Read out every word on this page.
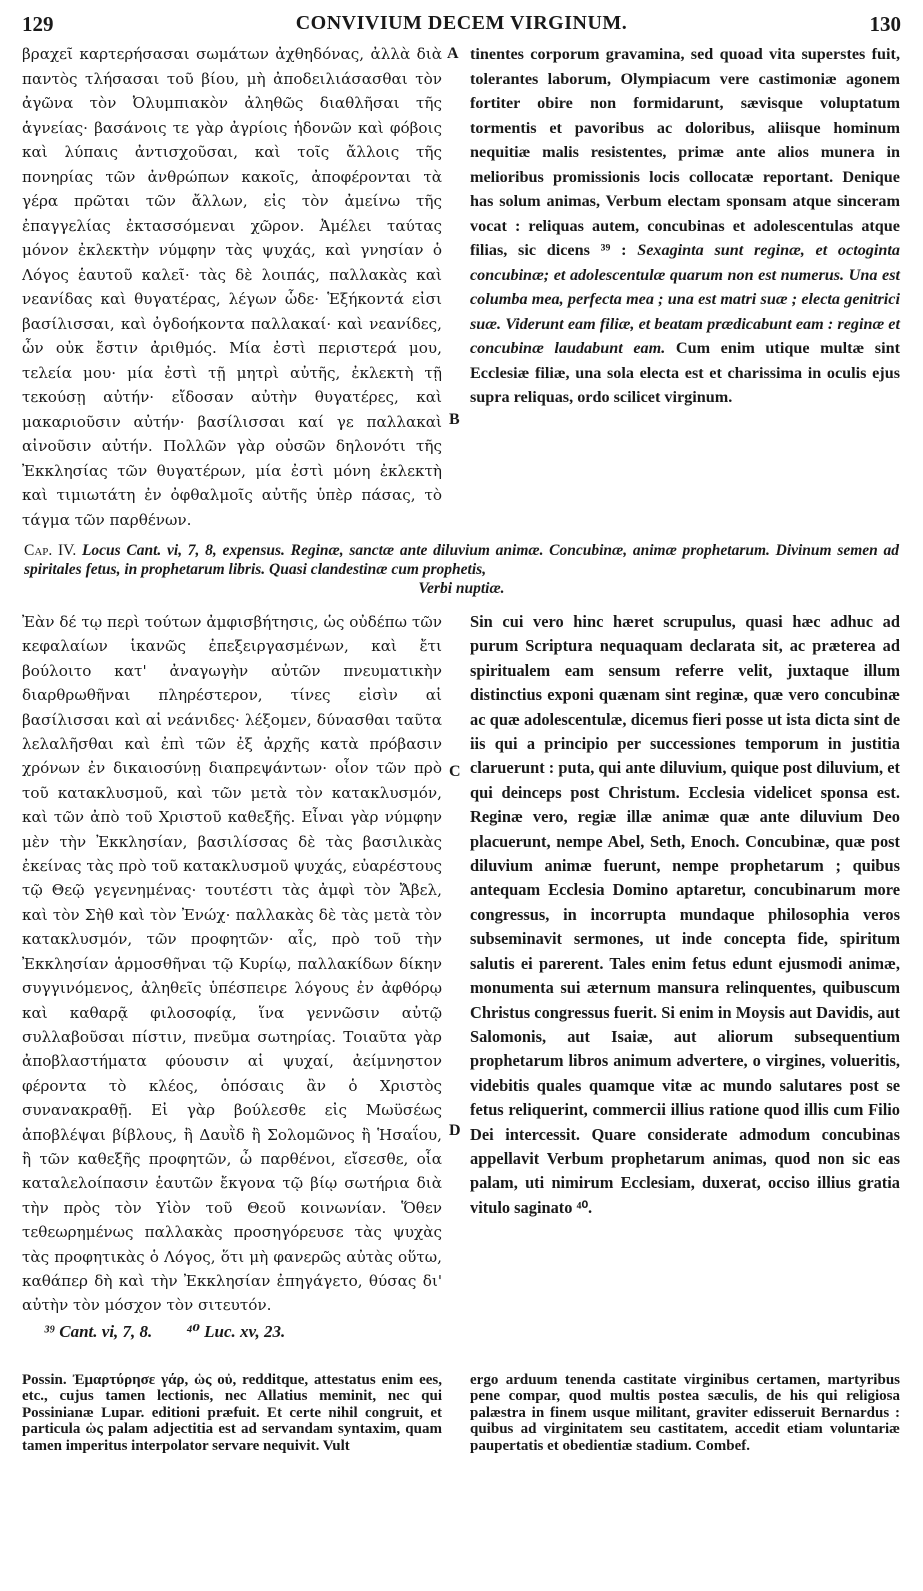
129	CONVIVIUM DECEM VIRGINUM.	130

βραχεῖ καρτερήσασαι σωμάτων ἀχθηδόνας, ἀλλὰ διὰ παντὸς τλήσασαι τοῦ βίου, μὴ ἀποδειλιάσασθαι τὸν ἀγῶνα τὸν Ὀλυμπιακὸν ἀληθῶς διαθλῆσαι τῆς ἁγνείας· βασάνοις τε γὰρ ἀγρίοις ἡδονῶν καὶ φόβοις καὶ λύπαις ἀντισχοῦσαι, καὶ τοῖς ἄλλοις τῆς πονηρίας τῶν ἀνθρώπων κακοῖς, ἀποφέρονται τὰ γέρα πρῶται τῶν ἄλλων, εἰς τὸν ἀμείνω τῆς ἐπαγγελίας ἐκτασσόμεναι χῶρον. Ἀμέλει ταύτας μόνον ἐκλεκτὴν νύμφην τὰς ψυχάς, καὶ γνησίαν ὁ Λόγος ἑαυτοῦ καλεῖ· τὰς δὲ λοιπάς, παλλακὰς καὶ νεανίδας καὶ θυγατέρας, λέγων ὧδε· Ἑξήκοντά εἰσι βασίλισσαι, καὶ ὀγδοήκοντα παλλακαί· καὶ νεανίδες, ὧν οὐκ ἔστιν ἀριθμός. Μία ἐστὶ περιστερά μου, τελεία μου· μία ἐστὶ τῇ μητρὶ αὐτῆς, ἐκλεκτὴ τῇ τεκούσῃ αὐτήν· εἴδοσαν αὐτὴν θυγατέρες, καὶ μακαριοῦσιν αὐτήν· βασίλισσαι καί γε παλλακαὶ αἰνοῦσιν αὐτήν. Πολλῶν γὰρ οὐσῶν δηλονότι τῆς Ἐκκλησίας τῶν θυγατέρων, μία ἐστὶ μόνη ἐκλεκτὴ καὶ τιμιωτάτη ἐν ὀφθαλμοῖς αὐτῆς ὑπὲρ πάσας, τὸ τάγμα τῶν παρθένων.

tinentes corporum gravamina, sed quoad vita superstes fuit, tolerantes laborum, Olympiacum vere castimoniæ agonem fortiter obire non formidarunt, sævisque voluptatum tormentis et pavoribus ac doloribus, aliisque hominum nequitiæ malis resistentes, primæ ante alios munera in melioribus promissionis locis collocatæ reportant. Denique has solum animas, Verbum electam sponsam atque sinceram vocat : reliquas autem, concubinas et adolescentulas atque filias, sic dicens ³⁹ : Sexaginta sunt reginæ, et octoginta concubinæ; et adolescentulæ quarum non est numerus. Una est columba mea, perfecta mea ; una est matri suæ ; electa genitrici suæ. Viderunt eam filiæ, et beatam prædicabunt eam : reginæ et concubinæ laudabunt eam. Cum enim utique multæ sint Ecclesiæ filiæ, una sola electa est et charissima in oculis ejus supra reliquas, ordo scilicet virginum.

A
B
C
D
Cap. IV. Locus Cant. vi, 7, 8, expensus. Reginæ, sanctæ ante diluvium animæ. Concubinæ, animæ prophetarum. Divinum semen ad spiritales fetus, in prophetarum libris. Quasi clandestinæ cum prophetis,
Verbi nuptiæ.

Ἐὰν δέ τῳ περὶ τούτων ἀμφισβήτησις, ὡς οὐδέπω τῶν κεφαλαίων ἱκανῶς ἐπεξειργασμένων, καὶ ἔτι βούλοιτο κατ' ἀναγωγὴν αὐτῶν πνευματικὴν διαρθρωθῆναι πληρέστερον, τίνες εἰσὶν αἱ βασίλισσαι καὶ αἱ νεάνιδες· λέξομεν, δύνασθαι ταῦτα λελαλῆσθαι καὶ ἐπὶ τῶν ἐξ ἀρχῆς κατὰ πρόβασιν χρόνων ἐν δικαιοσύνῃ διαπρεψάντων· οἷον τῶν πρὸ τοῦ κατακλυσμοῦ, καὶ τῶν μετὰ τὸν κατακλυσμόν, καὶ τῶν ἀπὸ τοῦ Χριστοῦ καθεξῆς. Εἶναι γὰρ νύμφην μὲν τὴν Ἐκκλησίαν, βασιλίσσας δὲ τὰς βασιλικὰς ἐκείνας τὰς πρὸ τοῦ κατακλυσμοῦ ψυχάς, εὐαρέστους τῷ Θεῷ γεγενημένας· τουτέστι τὰς ἀμφὶ τὸν Ἄβελ, καὶ τὸν Σὴθ καὶ τὸν Ἐνώχ· παλλακὰς δὲ τὰς μετὰ τὸν κατακλυσμόν, τῶν προφητῶν· αἷς, πρὸ τοῦ τὴν Ἐκκλησίαν ἁρμοσθῆναι τῷ Κυρίῳ, παλλακίδων δίκην συγγινόμενος, ἀληθεῖς ὑπέσπειρε λόγους ἐν ἀφθόρῳ καὶ καθαρᾷ φιλοσοφίᾳ, ἵνα γεννῶσιν αὐτῷ συλλαβοῦσαι πίστιν, πνεῦμα σωτηρίας. Τοιαῦτα γὰρ ἀποβλαστήματα φύουσιν αἱ ψυχαί, ἀείμνηστον φέροντα τὸ κλέος, ὁπόσαις ἂν ὁ Χριστὸς συνανακραθῇ. Εἰ γὰρ βούλεσθε εἰς Μωϋσέως ἀποβλέψαι βίβλους, ἢ Δαυῒδ ἢ Σολομῶνος ἢ Ἡσαΐου, ἢ τῶν καθεξῆς προφητῶν, ὦ παρθένοι, εἴσεσθε, οἷα καταλελοίπασιν ἑαυτῶν ἔκγονα τῷ βίῳ σωτήρια διὰ τὴν πρὸς τὸν Υἱὸν τοῦ Θεοῦ κοινωνίαν. Ὅθεν τεθεωρημένως παλλακὰς προσηγόρευσε τὰς ψυχὰς τὰς προφητικὰς ὁ Λόγος, ὅτι μὴ φανερῶς αὐτὰς οὕτω, καθάπερ δὴ καὶ τὴν Ἐκκλησίαν ἐπηγάγετο, θύσας δι' αὐτὴν τὸν μόσχον τὸν σιτευτόν.

Sin cui vero hinc hæret scrupulus, quasi hæc adhuc ad purum Scriptura nequaquam declarata sit, ac præterea ad spiritualem eam sensum referre velit, juxtaque illum distinctius exponi quænam sint reginæ, quæ vero concubinæ ac quæ adolescentulæ, dicemus fieri posse ut ista dicta sint de iis qui a principio per successiones temporum in justitia claruerunt : puta, qui ante diluvium, quique post diluvium, et qui deinceps post Christum. Ecclesia videlicet sponsa est. Reginæ vero, regiæ illæ animæ quæ ante diluvium Deo placuerunt, nempe Abel, Seth, Enoch. Concubinæ, quæ post diluvium animæ fuerunt, nempe prophetarum ; quibus antequam Ecclesia Domino aptaretur, concubinarum more congressus, in incorrupta mundaque philosophia veros subseminavit sermones, ut inde concepta fide, spiritum salutis ei parerent. Tales enim fetus edunt ejusmodi animæ, monumenta sui æternum mansura relinquentes, quibuscum Christus congressus fuerit. Si enim in Moysis aut Davidis, aut Salomonis, aut Isaiæ, aut aliorum subsequentium prophetarum libros animum advertere, o virgines, volueritis, videbitis quales quamque vitæ ac mundo salutares post se fetus reliquerint, commercii illius ratione quod illis cum Filio Dei intercessit. Quare considerate admodum concubinas appellavit Verbum prophetarum animas, quod non sic eas palam, uti nimirum Ecclesiam, duxerat, occiso illius gratia vitulo saginato ⁴⁰.

³⁹ Cant. vi, 7, 8. ⁴⁰ Luc. xv, 23.

Possin. Ἐμαρτύρησε γάρ, ὡς οὐ, redditque, attestatus enim ees, etc., cujus tamen lectionis, nec Allatius meminit, nec qui Possinianæ Lupar. editioni præfuit. Et certe nihil congruit, et particula ὡς palam adjectitia est ad servandam syntaxim, quam tamen imperitus interpolator servare nequivit. Vult

ergo arduum tenenda castitate virginibus certamen, martyribus pene compar, quod multis postea sæculis, de his qui religiosa palæstra in finem usque militant, graviter edisseruit Bernardus : quibus ad virginitatem seu castitatem, accedit etiam voluntariæ paupertatis et obedientiæ stadium. Combef.
